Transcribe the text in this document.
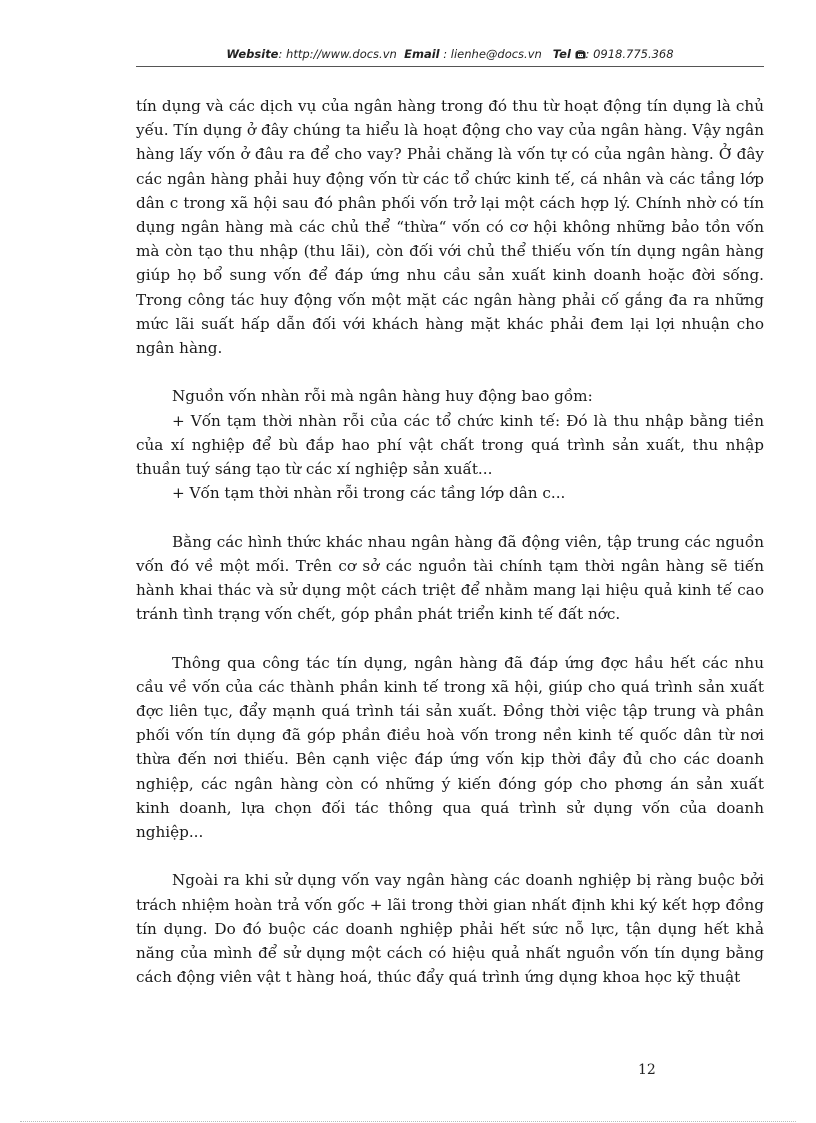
Website: http://www.docs.vn Email : lienhe@docs.vn Tel : 0918.775.368

tín dụng và các dịch vụ của ngân hàng trong đó thu từ hoạt động tín dụng là chủ yếu. Tín dụng ở đây chúng ta hiểu là hoạt động cho vay của ngân hàng. Vậy ngân hàng lấy vốn ở đâu ra để cho vay? Phải chăng là vốn tự có của ngân hàng. Ở đây các ngân hàng phải huy động vốn từ các tổ chức kinh tế, cá nhân và các tầng lớp dân c trong xã hội sau đó phân phối vốn trở lại một cách hợp lý. Chính nhờ có tín dụng ngân hàng mà các chủ thể “thừa“ vốn có cơ hội không những bảo tồn vốn mà còn tạo thu nhập (thu lãi), còn đối với chủ thể thiếu vốn tín dụng ngân hàng giúp họ bổ sung vốn để đáp ứng nhu cầu sản xuất kinh doanh hoặc đời sống. Trong công tác huy động vốn một mặt các ngân hàng phải cố gắng đa ra những mức lãi suất hấp dẫn đối với khách hàng mặt khác phải đem lại lợi nhuận cho ngân hàng.

Nguồn vốn nhàn rỗi mà ngân hàng huy động bao gồm:

+ Vốn tạm thời nhàn rỗi của các tổ chức kinh tế: Đó là thu nhập bằng tiền của xí nghiệp để bù đắp hao phí vật chất trong quá trình sản xuất, thu nhập thuần tuý sáng tạo từ các xí nghiệp sản xuất...

+ Vốn tạm thời nhàn rỗi trong các tầng lớp dân c...

Bằng các hình thức khác nhau ngân hàng đã động viên, tập trung các nguồn vốn đó về một mối. Trên cơ sở các nguồn tài chính tạm thời ngân hàng sẽ tiến hành khai thác và sử dụng một cách triệt để nhằm mang lại hiệu quả kinh tế cao tránh tình trạng vốn chết, góp phần phát triển kinh tế đất nớc.

Thông qua công tác tín dụng, ngân hàng đã đáp ứng đợc hầu hết các nhu cầu về vốn của các thành phần kinh tế trong xã hội, giúp cho quá trình sản xuất đợc liên tục, đẩy mạnh quá trình tái sản xuất. Đồng thời việc tập trung và phân phối vốn tín dụng đã góp phần điều hoà vốn trong nền kinh tế quốc dân từ nơi thừa đến nơi thiếu. Bên cạnh việc đáp ứng vốn kịp thời đầy đủ cho các doanh nghiệp, các ngân hàng còn có những ý kiến đóng góp cho phơng án sản xuất kinh doanh, lựa chọn đối tác thông qua quá trình sử dụng vốn của doanh nghiệp...

Ngoài ra khi sử dụng vốn vay ngân hàng các doanh nghiệp bị ràng buộc bởi trách nhiệm hoàn trả vốn gốc + lãi trong thời gian nhất định khi ký kết hợp đồng tín dụng. Do đó buộc các doanh nghiệp phải hết sức nỗ lực, tận dụng hết khả năng của mình để sử dụng một cách có hiệu quả nhất nguồn vốn tín dụng bằng cách động viên vật t hàng hoá, thúc đẩy quá trình ứng dụng khoa học kỹ thuật

12
